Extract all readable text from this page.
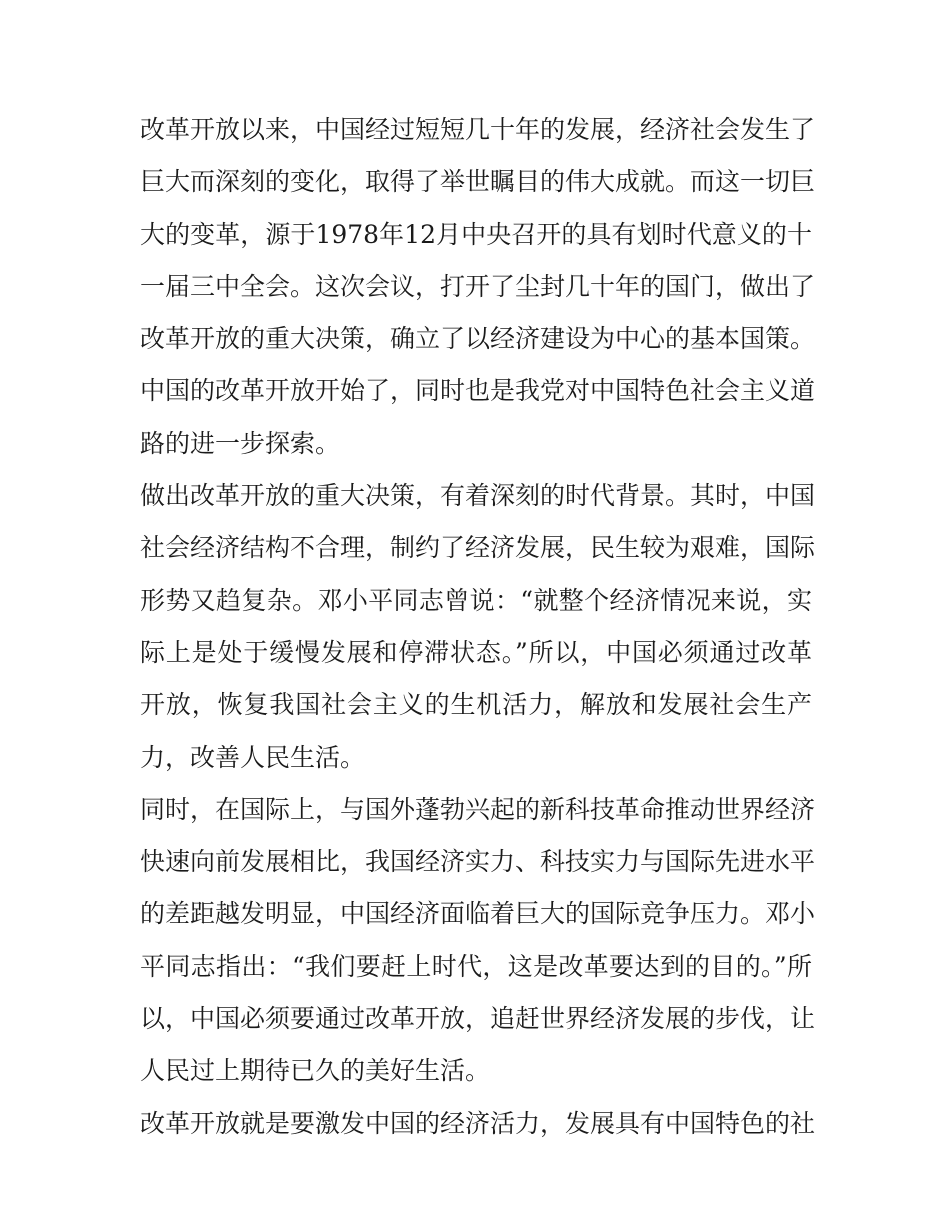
改革开放以来，中国经过短短几十年的发展，经济社会发生了
巨大而深刻的变化，取得了举世瞩目的伟大成就。而这一切巨
大的变革，源于1978年12月中央召开的具有划时代意义的十
一届三中全会。这次会议，打开了尘封几十年的国门，做出了
改革开放的重大决策，确立了以经济建设为中心的基本国策。
中国的改革开放开始了，同时也是我党对中国特色社会主义道
路的进一步探索。
做出改革开放的重大决策，有着深刻的时代背景。其时，中国
社会经济结构不合理，制约了经济发展，民生较为艰难，国际
形势又趋复杂。邓小平同志曾说：“就整个经济情况来说，实
际上是处于缓慢发展和停滞状态。”所以，中国必须通过改革
开放，恢复我国社会主义的生机活力，解放和发展社会生产
力，改善人民生活。
同时，在国际上，与国外蓬勃兴起的新科技革命推动世界经济
快速向前发展相比，我国经济实力、科技实力与国际先进水平
的差距越发明显，中国经济面临着巨大的国际竞争压力。邓小
平同志指出：“我们要赶上时代，这是改革要达到的目的。”所
以，中国必须要通过改革开放，追赶世界经济发展的步伐，让
人民过上期待已久的美好生活。
改革开放就是要激发中国的经济活力，发展具有中国特色的社
